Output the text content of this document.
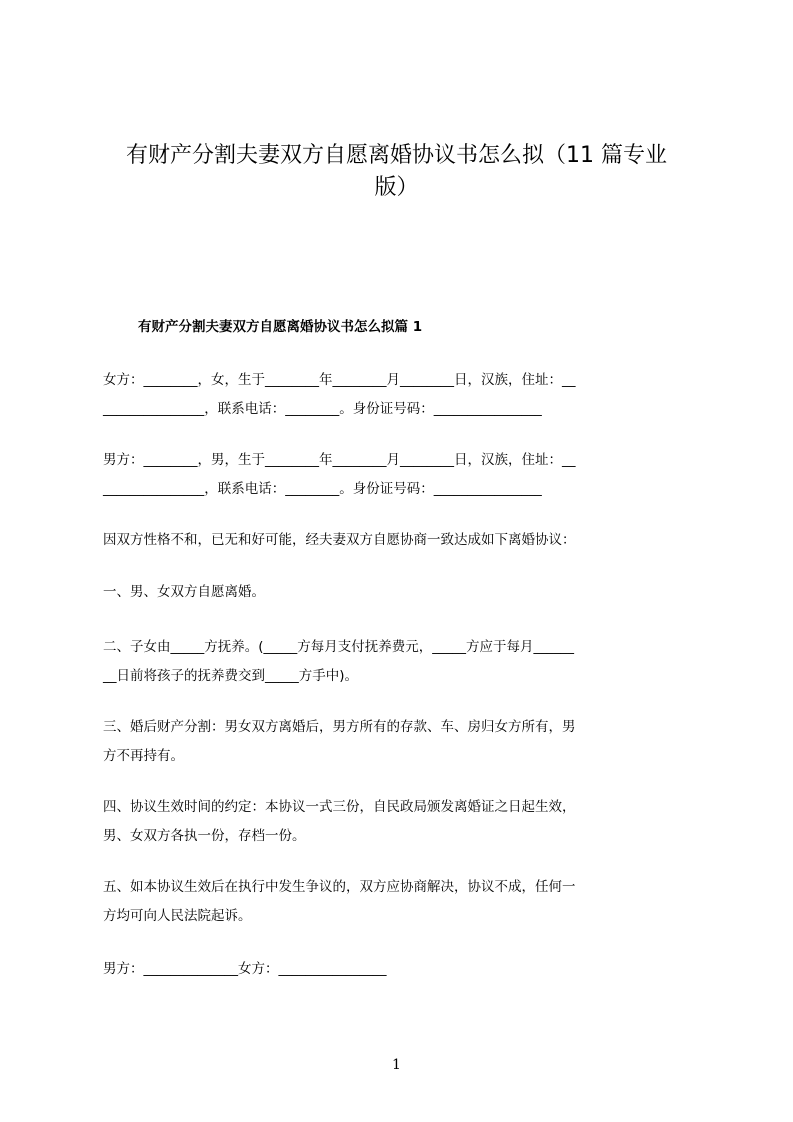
有财产分割夫妻双方自愿离婚协议书怎么拟（11 篇专业
版）

有财产分割夫妻双方自愿离婚协议书怎么拟篇 1

女方：________，女，生于________年________月________日，汉族，住址：__
_______________，联系电话：________。身份证号码：________________

男方：________，男，生于________年________月________日，汉族，住址：__
_______________，联系电话：________。身份证号码：________________

因双方性格不和，已无和好可能，经夫妻双方自愿协商一致达成如下离婚协议：

一、男、女双方自愿离婚。

二、子女由_____方抚养。(_____方每月支付抚养费元，_____方应于每月______
__日前将孩子的抚养费交到_____方手中)。

三、婚后财产分割：男女双方离婚后，男方所有的存款、车、房归女方所有，男
方不再持有。

四、协议生效时间的约定：本协议一式三份，自民政局颁发离婚证之日起生效，
男、女双方各执一份，存档一份。

五、如本协议生效后在执行中发生争议的，双方应协商解决，协议不成，任何一
方均可向人民法院起诉。

男方：______________女方：________________

1
